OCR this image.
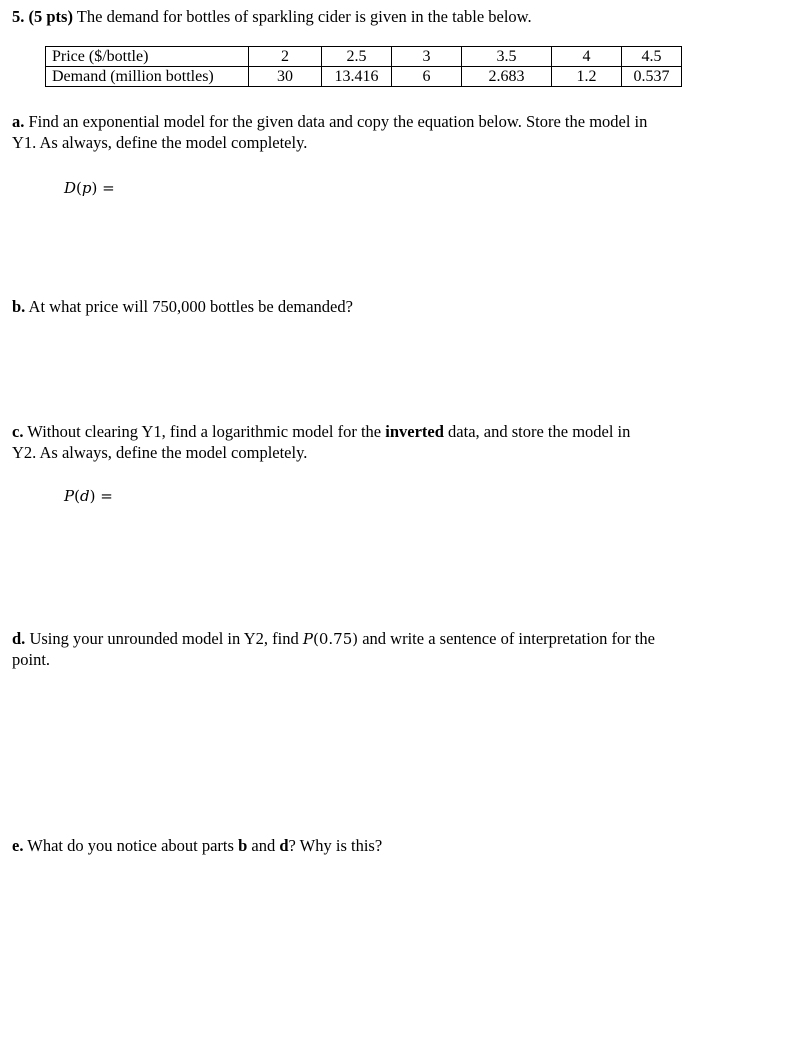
5. (5 pts) The demand for bottles of sparkling cider is given in the table below.
Price ($/bottle)	2	2.5	3	3.5	4	4.5
Demand (million bottles)	30	13.416	6	2.683	1.2	0.537
a. Find an exponential model for the given data and copy the equation below. Store the model in
Y1. As always, define the model completely.
D(p) =
b. At what price will 750,000 bottles be demanded?
c. Without clearing Y1, find a logarithmic model for the inverted data, and store the model in
Y2. As always, define the model completely.
P(d) =
d. Using your unrounded model in Y2, find P(0.75) and write a sentence of interpretation for the
point.
e. What do you notice about parts b and d? Why is this?
